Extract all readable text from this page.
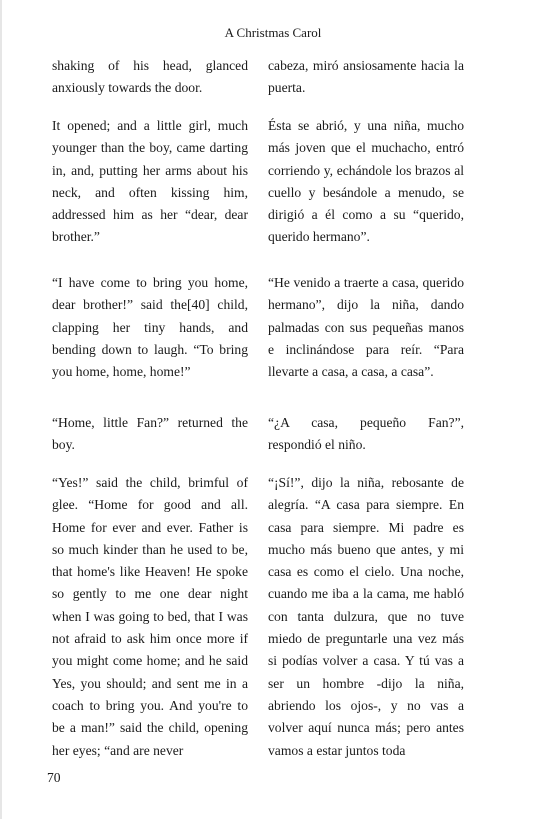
A Christmas Carol

shaking of his head, glanced anxiously towards the door.

It opened; and a little girl, much younger than the boy, came darting in, and, putting her arms about his neck, and often kissing him, addressed him as her “dear, dear brother.”

“I have come to bring you home, dear brother!” said the[40] child, clapping her tiny hands, and bending down to laugh. “To bring you home, home, home!”

“Home, little Fan?” returned the boy.

“Yes!” said the child, brimful of glee. “Home for good and all. Home for ever and ever. Father is so much kinder than he used to be, that home's like Heaven! He spoke so gently to me one dear night when I was going to bed, that I was not afraid to ask him once more if you might come home; and he said Yes, you should; and sent me in a coach to bring you. And you're to be a man!” said the child, opening her eyes; “and are never

cabeza, miró ansiosamente hacia la puerta.

Ésta se abrió, y una niña, mucho más joven que el muchacho, entró corriendo y, echándole los brazos al cuello y besándole a menudo, se dirigió a él como a su “querido, querido hermano”.

“He venido a traerte a casa, querido hermano”, dijo la niña, dando palmadas con sus pequeñas manos e inclinándose para reír. “Para llevarte a casa, a casa, a casa”.

“¿A casa, pequeño Fan?”, respondió el niño.

“¡Sí!”, dijo la niña, rebosante de alegría. “A casa para siempre. En casa para siempre. Mi padre es mucho más bueno que antes, y mi casa es como el cielo. Una noche, cuando me iba a la cama, me habló con tanta dulzura, que no tuve miedo de preguntarle una vez más si podías volver a casa. Y tú vas a ser un hombre -dijo la niña, abriendo los ojos-, y no vas a volver aquí nunca más; pero antes vamos a estar juntos toda

70
